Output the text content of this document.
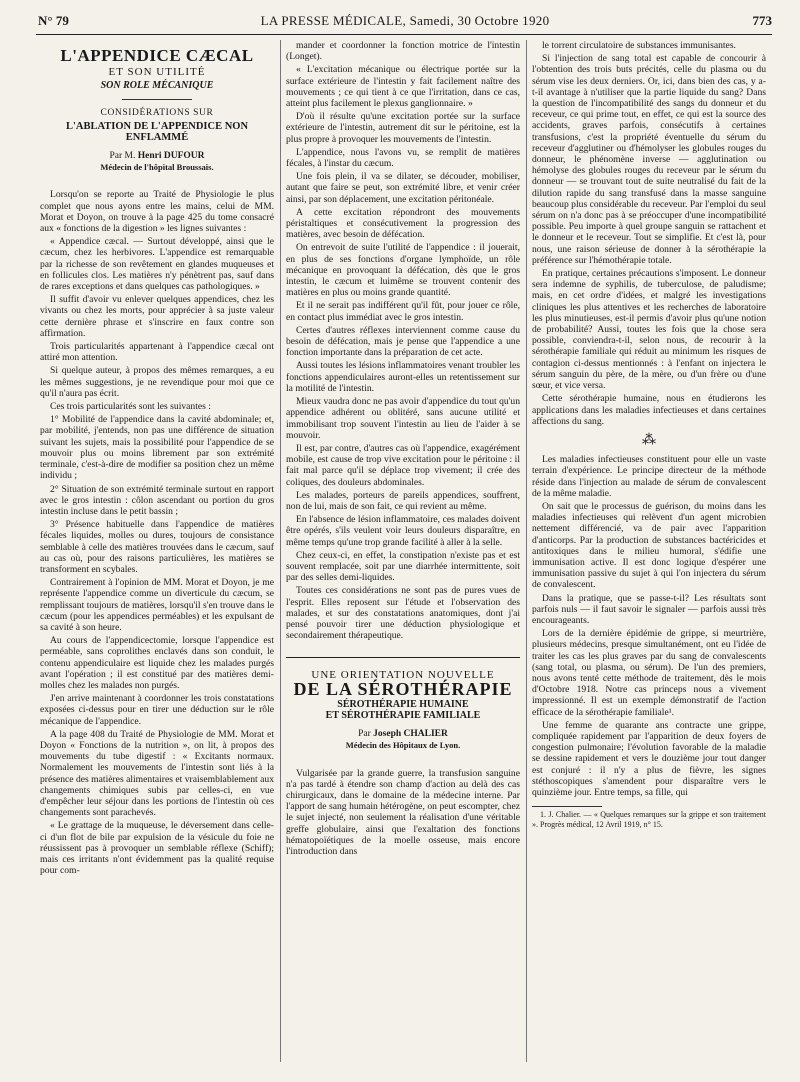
N° 79	LA PRESSE MÉDICALE, Samedi, 30 Octobre 1920	773
L'APPENDICE CÆCAL
ET SON UTILITÉ
SON ROLE MÉCANIQUE
CONSIDÉRATIONS SUR
L'ABLATION DE L'APPENDICE NON ENFLAMMÉ
Par M. Henri DUFOUR
Médecin de l'hôpital Broussais.

Lorsqu'on se reporte au Traité de Physiologie le plus complet que nous ayons entre les mains, celui de MM. Morat et Doyon, on trouve à la page 425 du tome consacré aux « fonctions de la digestion » les lignes suivantes :

« Appendice cæcal. — Surtout développé, ainsi que le cæcum, chez les herbivores. L'appendice est remarquable par la richesse de son revêtement en glandes muqueuses et en follicules clos. Les matières n'y pénètrent pas, sauf dans de rares exceptions et dans quelques cas pathologiques. »

Il suffit d'avoir vu enlever quelques appendices, chez les vivants ou chez les morts, pour apprécier à sa juste valeur cette dernière phrase et s'inscrire en faux contre son affirmation.

Trois particularités appartenant à l'appendice cæcal ont attiré mon attention.

Si quelque auteur, à propos des mêmes remarques, a eu les mêmes suggestions, je ne revendique pour moi que ce qu'il n'aura pas écrit.

Ces trois particularités sont les suivantes :

1° Mobilité de l'appendice dans la cavité abdominale; et, par mobilité, j'entends, non pas une différence de situation suivant les sujets, mais la possibilité pour l'appendice de se mouvoir plus ou moins librement par son extrémité terminale, c'est-à-dire de modifier sa position chez un même individu ;

2° Situation de son extrémité terminale surtout en rapport avec le gros intestin : côlon ascendant ou portion du gros intestin incluse dans le petit bassin ;

3° Présence habituelle dans l'appendice de matières fécales liquides, molles ou dures, toujours de consistance semblable à celle des matières trouvées dans le cæcum, sauf au cas où, pour des raisons particulières, les matières se transforment en scybales.

Contrairement à l'opinion de MM. Morat et Doyon, je me représente l'appendice comme un diverticule du cæcum, se remplissant toujours de matières, lorsqu'il s'en trouve dans le cæcum (pour les appendices perméables) et les expulsant de sa cavité à son heure.

Au cours de l'appendicectomie, lorsque l'appendice est perméable, sans coprolithes enclavés dans son conduit, le contenu appendiculaire est liquide chez les malades purgés avant l'opération ; il est constitué par des matières demi-molles chez les malades non purgés.

J'en arrive maintenant à coordonner les trois constatations exposées ci-dessus pour en tirer une déduction sur le rôle mécanique de l'appendice.

A la page 408 du Traité de Physiologie de MM. Morat et Doyon « Fonctions de la nutrition », on lit, à propos des mouvements du tube digestif : « Excitants normaux. Normalement les mouvements de l'intestin sont liés à la présence des matières alimentaires et vraisemblablement aux changements chimiques subis par celles-ci, en vue d'empêcher leur séjour dans les portions de l'intestin où ces changements sont parachevés.

« Le grattage de la muqueuse, le déversement dans celle-ci d'un flot de bile par expulsion de la vésicule du foie ne réussissent pas à provoquer un semblable réflexe (Schiff); mais ces irritants n'ont évidemment pas la qualité requise pour com-

mander et coordonner la fonction motrice de l'intestin (Longet).

« L'excitation mécanique ou électrique portée sur la surface extérieure de l'intestin y fait facilement naître des mouvements ; ce qui tient à ce que l'irritation, dans ce cas, atteint plus facilement le plexus ganglionnaire. »

D'où il résulte qu'une excitation portée sur la surface extérieure de l'intestin, autrement dit sur le péritoine, est la plus propre à provoquer les mouvements de l'intestin.

L'appendice, nous l'avons vu, se remplit de matières fécales, à l'instar du cæcum.

Une fois plein, il va se dilater, se découder, mobiliser, autant que faire se peut, son extrémité libre, et venir créer ainsi, par son déplacement, une excitation péritonéale.

A cette excitation répondront des mouvements péristaltiques et consécutivement la progression des matières, avec besoin de défécation.

On entrevoit de suite l'utilité de l'appendice : il jouerait, en plus de ses fonctions d'organe lymphoïde, un rôle mécanique en provoquant la défécation, dès que le gros intestin, le cæcum et luimême se trouvent contenir des matières en plus ou moins grande quantité.

Et il ne serait pas indifférent qu'il fût, pour jouer ce rôle, en contact plus immédiat avec le gros intestin.

Certes d'autres réflexes interviennent comme cause du besoin de défécation, mais je pense que l'appendice a une fonction importante dans la préparation de cet acte.

Aussi toutes les lésions inflammatoires venant troubler les fonctions appendiculaires auront-elles un retentissement sur la motilité de l'intestin.

Mieux vaudra donc ne pas avoir d'appendice du tout qu'un appendice adhérent ou oblitéré, sans aucune utilité et immobilisant trop souvent l'intestin au lieu de l'aider à se mouvoir.

Il est, par contre, d'autres cas où l'appendice, exagérément mobile, est cause de trop vive excitation pour le péritoine : il fait mal parce qu'il se déplace trop vivement; il crée des coliques, des douleurs abdominales.

Les malades, porteurs de pareils appendices, souffrent, non de lui, mais de son fait, ce qui revient au même.

En l'absence de lésion inflammatoire, ces malades doivent être opérés, s'ils veulent voir leurs douleurs disparaître, en même temps qu'une trop grande facilité à aller à la selle.

Chez ceux-ci, en effet, la constipation n'existe pas et est souvent remplacée, soit par une diarrhée intermittente, soit par des selles demi-liquides.

Toutes ces considérations ne sont pas de pures vues de l'esprit. Elles reposent sur l'étude et l'observation des malades, et sur des constatations anatomiques, dont j'ai pensé pouvoir tirer une déduction physiologique et secondairement thérapeutique.

UNE ORIENTATION NOUVELLE
DE LA SÉROTHÉRAPIE
SÉROTHÉRAPIE HUMAINE
ET SÉROTHÉRAPIE FAMILIALE
Par Joseph CHALIER
Médecin des Hôpitaux de Lyon.

Vulgarisée par la grande guerre, la transfusion sanguine n'a pas tardé à étendre son champ d'action au delà des cas chirurgicaux, dans le domaine de la médecine interne. Par l'apport de sang humain hétérogène, on peut escompter, chez le sujet injecté, non seulement la réalisation d'une véritable greffe globulaire, ainsi que l'exaltation des fonctions hématopoïétiques de la moelle osseuse, mais encore l'introduction dans

le torrent circulatoire de substances immunisantes.

Si l'injection de sang total est capable de concourir à l'obtention des trois buts précités, celle du plasma ou du sérum vise les deux derniers. Or, ici, dans bien des cas, y a-t-il avantage à n'utiliser que la partie liquide du sang? Dans la question de l'incompatibilité des sangs du donneur et du receveur, ce qui prime tout, en effet, ce qui est la source des accidents, graves parfois, consécutifs à certaines transfusions, c'est la propriété éventuelle du sérum du receveur d'agglutiner ou d'hémolyser les globules rouges du donneur, le phénomène inverse — agglutination ou hémolyse des globules rouges du receveur par le sérum du donneur — se trouvant tout de suite neutralisé du fait de la dilution rapide du sang transfusé dans la masse sanguine beaucoup plus considérable du receveur. Par l'emploi du seul sérum on n'a donc pas à se préoccuper d'une incompatibilité possible. Peu importe à quel groupe sanguin se rattachent et le donneur et le receveur. Tout se simplifie. Et c'est là, pour nous, une raison sérieuse de donner à la sérothérapie la préférence sur l'hémothérapie totale.

En pratique, certaines précautions s'imposent. Le donneur sera indemne de syphilis, de tuberculose, de paludisme; mais, en cet ordre d'idées, et malgré les investigations cliniques les plus attentives et les recherches de laboratoire les plus minutieuses, est-il permis d'avoir plus qu'une notion de probabilité? Aussi, toutes les fois que la chose sera possible, conviendra-t-il, selon nous, de recourir à la sérothérapie familiale qui réduit au minimum les risques de contagion ci-dessus mentionnés : à l'enfant on injectera le sérum sanguin du père, de la mère, ou d'un frère ou d'une sœur, et vice versa.

Cette sérothérapie humaine, nous en étudierons les applications dans les maladies infectieuses et dans certaines affections du sang.

⁂

Les maladies infectieuses constituent pour elle un vaste terrain d'expérience. Le principe directeur de la méthode réside dans l'injection au malade de sérum de convalescent de la même maladie.

On sait que le processus de guérison, du moins dans les maladies infectieuses qui relèvent d'un agent microbien nettement différencié, va de pair avec l'apparition d'anticorps. Par la production de substances bactéricides et antitoxiques dans le milieu humoral, s'édifie une immunisation active. Il est donc logique d'espérer une immunisation passive du sujet à qui l'on injectera du sérum de convalescent.

Dans la pratique, que se passe-t-il? Les résultats sont parfois nuls — il faut savoir le signaler — parfois aussi très encourageants.

Lors de la dernière épidémie de grippe, si meurtrière, plusieurs médecins, presque simultanément, ont eu l'idée de traiter les cas les plus graves par du sang de convalescents (sang total, ou plasma, ou sérum). De l'un des premiers, nous avons tenté cette méthode de traitement, dès le mois d'Octobre 1918. Notre cas princeps nous a vivement impressionné. Il est un exemple démonstratif de l'action efficace de la sérothérapie familiale¹.

Une femme de quarante ans contracte une grippe, compliquée rapidement par l'apparition de deux foyers de congestion pulmonaire; l'évolution favorable de la maladie se dessine rapidement et vers le douzième jour tout danger est conjuré : il n'y a plus de fièvre, les signes stéthoscopiques s'amendent pour disparaître vers le quinzième jour. Entre temps, sa fille, qui

1. J. Chalier. — « Quelques remarques sur la grippe et son traitement ». Progrès médical, 12 Avril 1919, n° 15.
